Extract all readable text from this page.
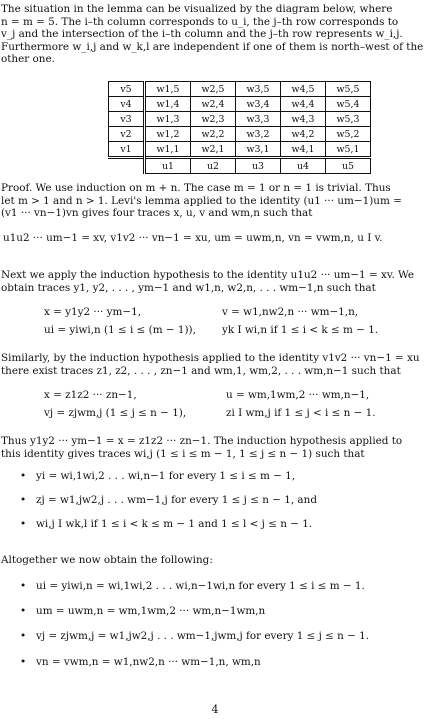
The situation in the lemma can be visualized by the diagram below, where
n = m = 5. The i–th column corresponds to u_i, the j–th row corresponds to
v_j and the intersection of the i–th column and the j–th row represents w_i,j.
Furthermore w_i,j and w_k,l are independent if one of them is north–west of the
other one.
v5	w1,5	w2,5	w3,5	w4,5	w5,5
v4	w1,4	w2,4	w3,4	w4,4	w5,4
v3	w1,3	w2,3	w3,3	w4,3	w5,3
v2	w1,2	w2,2	w3,2	w4,2	w5,2
v1	w1,1	w2,1	w3,1	w4,1	w5,1
	u1	u2	u3	u4	u5
Proof. We use induction on m + n. The case m = 1 or n = 1 is trivial. Thus
let m > 1 and n > 1. Levi's lemma applied to the identity (u1 ··· um−1)um =
(v1 ··· vn−1)vn gives four traces x, u, v and wm,n such that
u1u2 ··· um−1 = xv, v1v2 ··· vn−1 = xu, um = uwm,n, vn = vwm,n, u I v.
Next we apply the induction hypothesis to the identity u1u2 ··· um−1 = xv. We
obtain traces y1, y2, . . . , ym−1 and w1,n, w2,n, . . . wm−1,n such that
x = y1y2 ··· ym−1,	v = w1,nw2,n ··· wm−1,n,
ui = yiwi,n (1 ≤ i ≤ (m − 1)),	yk I wi,n if 1 ≤ i < k ≤ m − 1.
Similarly, by the induction hypothesis applied to the identity v1v2 ··· vn−1 = xu
there exist traces z1, z2, . . . , zn−1 and wm,1, wm,2, . . . wm,n−1 such that
x = z1z2 ··· zn−1,	u = wm,1wm,2 ··· wm,n−1,
vj = zjwm,j (1 ≤ j ≤ n − 1),	zi I wm,j if 1 ≤ j < i ≤ n − 1.
Thus y1y2 ··· ym−1 = x = z1z2 ··· zn−1. The induction hypothesis applied to
this identity gives traces wi,j (1 ≤ i ≤ m − 1, 1 ≤ j ≤ n − 1) such that
• yi = wi,1wi,2 . . . wi,n−1 for every 1 ≤ i ≤ m − 1,
• zj = w1,jw2,j . . . wm−1,j for every 1 ≤ j ≤ n − 1, and
• wi,j I wk,l if 1 ≤ i < k ≤ m − 1 and 1 ≤ l < j ≤ n − 1.
Altogether we now obtain the following:
• ui = yiwi,n = wi,1wi,2 . . . wi,n−1wi,n for every 1 ≤ i ≤ m − 1.
• um = uwm,n = wm,1wm,2 ··· wm,n−1wm,n
• vj = zjwm,j = w1,jw2,j . . . wm−1,jwm,j for every 1 ≤ j ≤ n − 1.
• vn = vwm,n = w1,nw2,n ··· wm−1,n, wm,n
4
